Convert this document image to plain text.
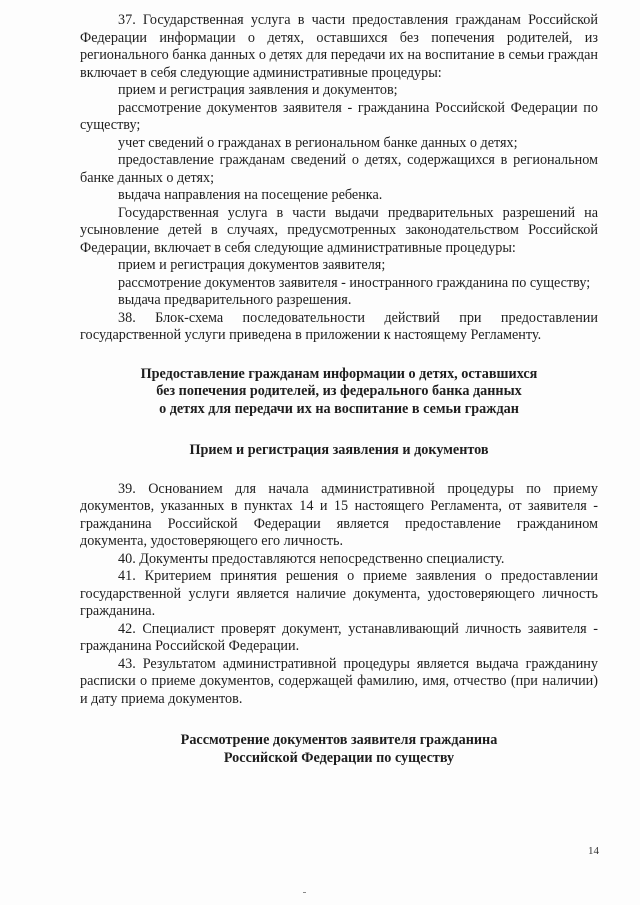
37. Государственная услуга в части предоставления гражданам Российской Федерации информации о детях, оставшихся без попечения родителей, из регионального банка данных о детях для передачи их на воспитание в семьи граждан включает в себя следующие административные процедуры:

прием и регистрация заявления и документов;

рассмотрение документов заявителя - гражданина Российской Федерации по существу;

учет сведений о гражданах в региональном банке данных о детях;

предоставление гражданам сведений о детях, содержащихся в региональном банке данных о детях;

выдача направления на посещение ребенка.

Государственная услуга в части выдачи предварительных разрешений на усыновление детей в случаях, предусмотренных законодательством Российской Федерации, включает в себя следующие административные процедуры:

прием и регистрация документов заявителя;

рассмотрение документов заявителя - иностранного гражданина по существу;

выдача предварительного разрешения.

38. Блок-схема последовательности действий при предоставлении государственной услуги приведена в приложении к настоящему Регламенту.

Предоставление гражданам информации о детях, оставшихся
без попечения родителей, из федерального банка данных
о детях для передачи их на воспитание в семьи граждан
Прием и регистрация заявления и документов

39. Основанием для начала административной процедуры по приему документов, указанных в пунктах 14 и 15 настоящего Регламента, от заявителя - гражданина Российской Федерации является предоставление гражданином документа, удостоверяющего его личность.

40. Документы предоставляются непосредственно специалисту.

41. Критерием принятия решения о приеме заявления о предоставлении государственной услуги является наличие документа, удостоверяющего личность гражданина.

42. Специалист проверят документ, устанавливающий личность заявителя - гражданина Российской Федерации.

43. Результатом административной процедуры является выдача гражданину расписки о приеме документов, содержащей фамилию, имя, отчество (при наличии) и дату приема документов.

Рассмотрение документов заявителя гражданина
Российской Федерации по существу
14
